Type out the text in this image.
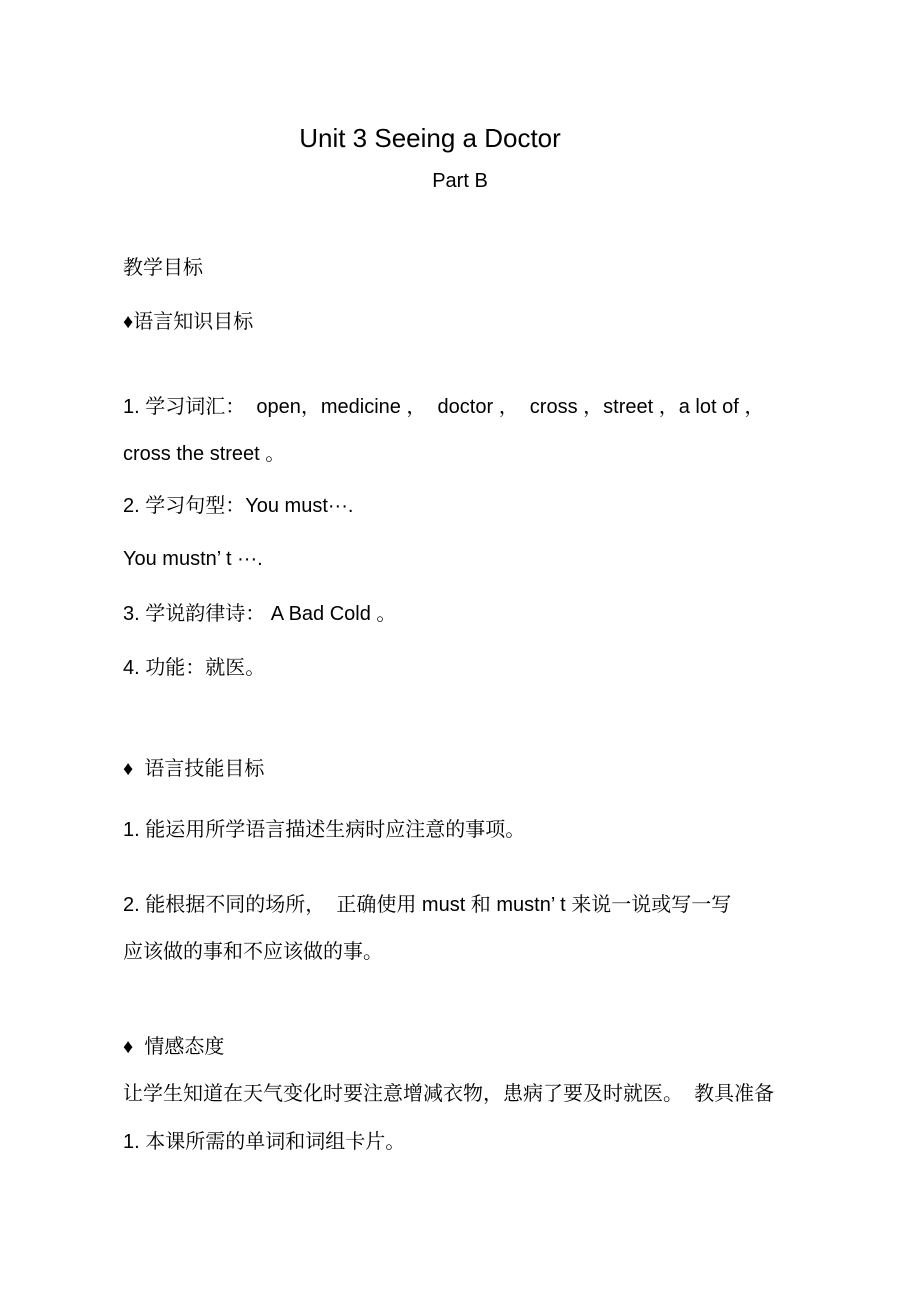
Unit 3 Seeing a Doctor
Part B

教学目标

♦语言知识目标

1. 学习词汇：  open，medicine ，  doctor ，  cross ，street ，a lot of ，

cross the street 。

2. 学习句型：You must···.

You mustn’ t ···.

3. 学说韵律诗： A Bad Cold 。

4. 功能：就医。

♦  语言技能目标

1. 能运用所学语言描述生病时应注意的事项。

2. 能根据不同的场所，  正确使用 must 和 mustn’ t 来说一说或写一写

应该做的事和不应该做的事。

♦  情感态度

让学生知道在天气变化时要注意增减衣物，患病了要及时就医。  教具准备

1. 本课所需的单词和词组卡片。
